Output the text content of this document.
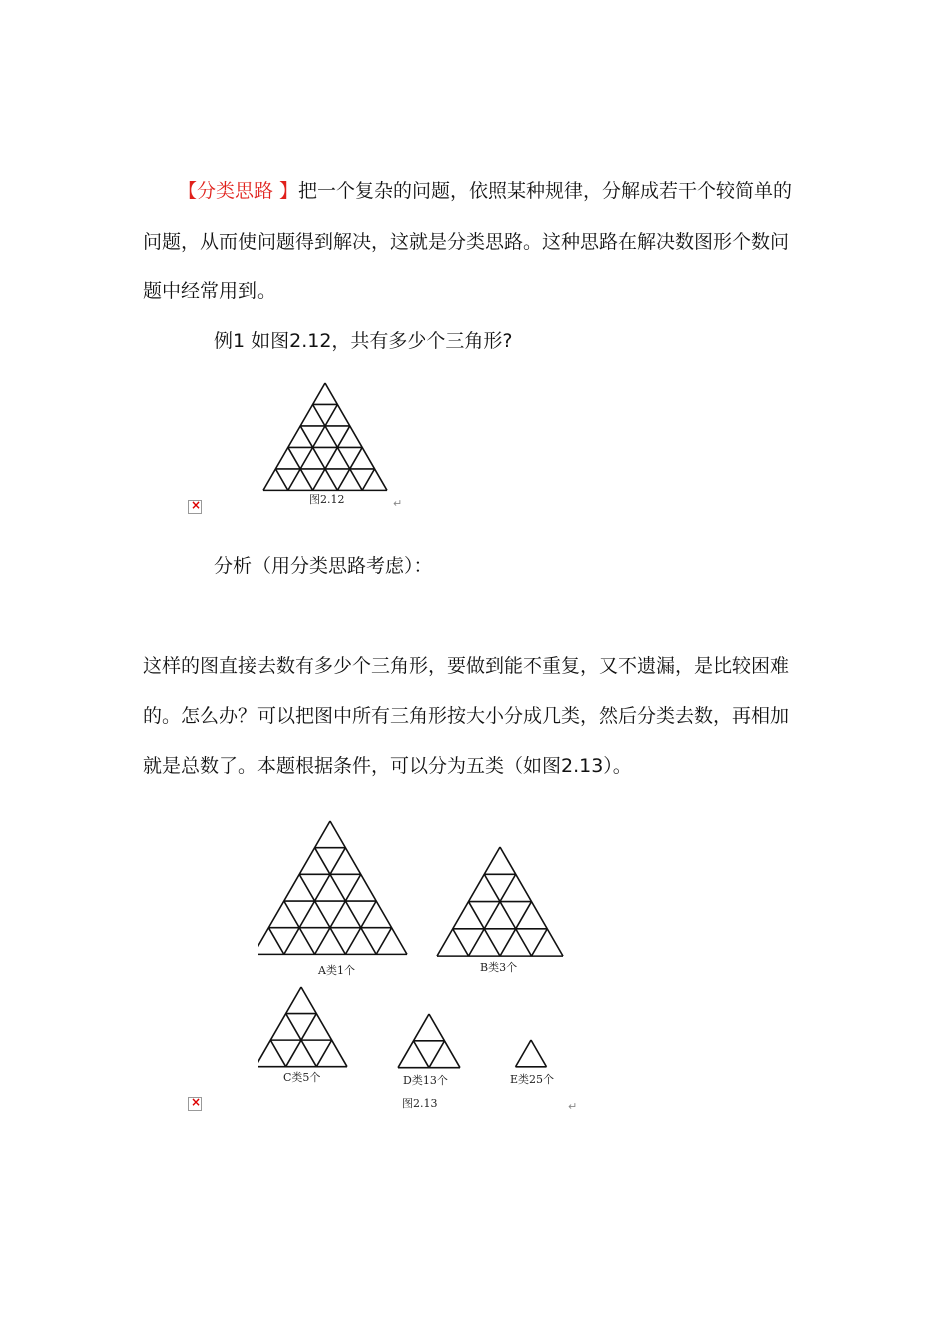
【分类思路 】把一个复杂的问题，依照某种规律，分解成若干个较简单的
问题，从而使问题得到解决，这就是分类思路。这种思路在解决数图形个数问
题中经常用到。
例1 如图2.12，共有多少个三角形?
图2.12
×	↵
分析（用分类思路考虑）：
这样的图直接去数有多少个三角形，要做到能不重复，又不遗漏，是比较困难
的。怎么办？可以把图中所有三角形按大小分成几类，然后分类去数，再相加
就是总数了。本题根据条件，可以分为五类（如图2.13）。
A类1个	B类3个
C类5个	D类13个	E类25个
图2.13
×	↵
